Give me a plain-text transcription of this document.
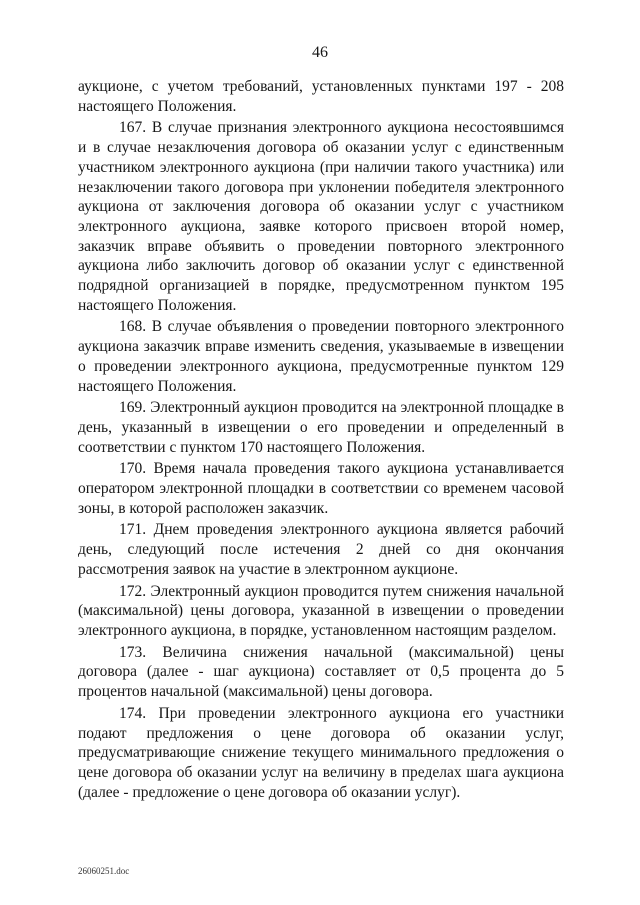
46

аукционе, с учетом требований, установленных пунктами 197 - 208 настоящего Положения.

167. В случае признания электронного аукциона несостоявшимся и в случае незаключения договора об оказании услуг с единственным участником электронного аукциона (при наличии такого участника) или незаключении такого договора при уклонении победителя электронного аукциона от заключения договора об оказании услуг с участником электронного аукциона, заявке которого присвоен второй номер, заказчик вправе объявить о проведении повторного электронного аукциона либо заключить договор об оказании услуг с единственной подрядной организацией в порядке, предусмотренном пунктом 195 настоящего Положения.

168. В случае объявления о проведении повторного электронного аукциона заказчик вправе изменить сведения, указываемые в извещении о проведении электронного аукциона, предусмотренные пунктом 129 настоящего Положения.

169. Электронный аукцион проводится на электронной площадке в день, указанный в извещении о его проведении и определенный в соответствии с пунктом 170 настоящего Положения.

170. Время начала проведения такого аукциона устанавливается оператором электронной площадки в соответствии со временем часовой зоны, в которой расположен заказчик.

171. Днем проведения электронного аукциона является рабочий день, следующий после истечения 2 дней со дня окончания рассмотрения заявок на участие в электронном аукционе.

172. Электронный аукцион проводится путем снижения начальной (максимальной) цены договора, указанной в извещении о проведении электронного аукциона, в порядке, установленном настоящим разделом.

173. Величина снижения начальной (максимальной) цены договора (далее - шаг аукциона) составляет от 0,5 процента до 5 процентов начальной (максимальной) цены договора.

174. При проведении электронного аукциона его участники подают предложения о цене договора об оказании услуг, предусматривающие снижение текущего минимального предложения о цене договора об оказании услуг на величину в пределах шага аукциона (далее - предложение о цене договора об оказании услуг).

26060251.doc
